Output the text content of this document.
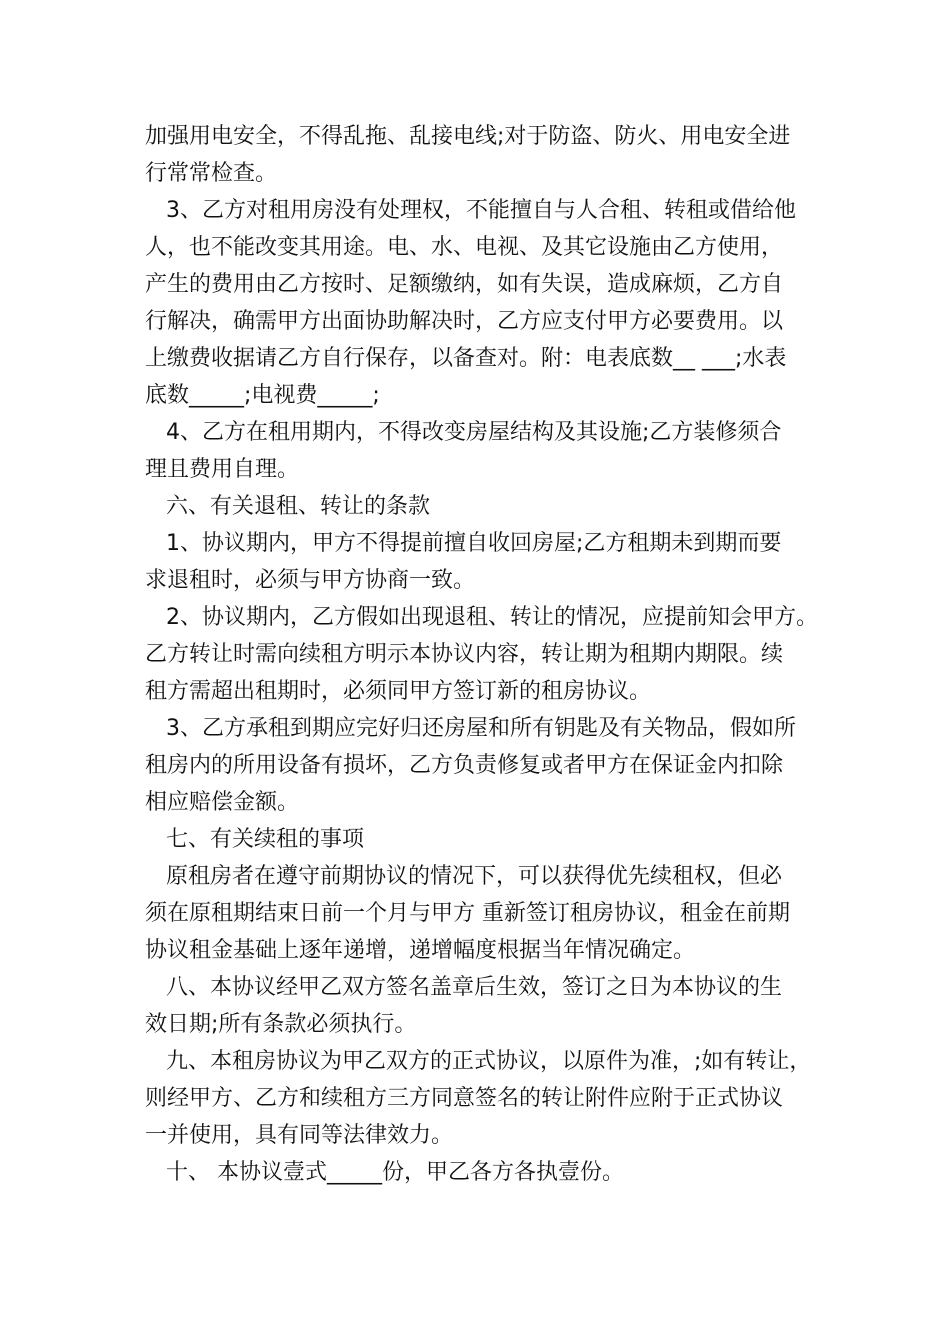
加强用电安全，不得乱拖、乱接电线;对于防盗、防火、用电安全进
行常常检查。
3、乙方对租用房没有处理权，不能擅自与人合租、转租或借给他
人，也不能改变其用途。电、水、电视、及其它设施由乙方使用，
产生的费用由乙方按时、足额缴纳，如有失误，造成麻烦，乙方自
行解决，确需甲方出面协助解决时，乙方应支付甲方必要费用。以
上缴费收据请乙方自行保存，以备查对。附：电表底数__ ___;水表
底数_____;电视费_____;
4、乙方在租用期内，不得改变房屋结构及其设施;乙方装修须合
理且费用自理。
六、有关退租、转让的条款
1、协议期内，甲方不得提前擅自收回房屋;乙方租期未到期而要
求退租时，必须与甲方协商一致。
2、协议期内，乙方假如出现退租、转让的情况，应提前知会甲方。
乙方转让时需向续租方明示本协议内容，转让期为租期内期限。续
租方需超出租期时，必须同甲方签订新的租房协议。
3、乙方承租到期应完好归还房屋和所有钥匙及有关物品，假如所
租房内的所用设备有损坏，乙方负责修复或者甲方在保证金内扣除
相应赔偿金额。
七、有关续租的事项
原租房者在遵守前期协议的情况下，可以获得优先续租权，但必
须在原租期结束日前一个月与甲方 重新签订租房协议，租金在前期
协议租金基础上逐年递增，递增幅度根据当年情况确定。
八、本协议经甲乙双方签名盖章后生效，签订之日为本协议的生
效日期;所有条款必须执行。
九、本租房协议为甲乙双方的正式协议，以原件为准，;如有转让，
则经甲方、乙方和续租方三方同意签名的转让附件应附于正式协议
一并使用，具有同等法律效力。
十、 本协议壹式_____份，甲乙各方各执壹份。
